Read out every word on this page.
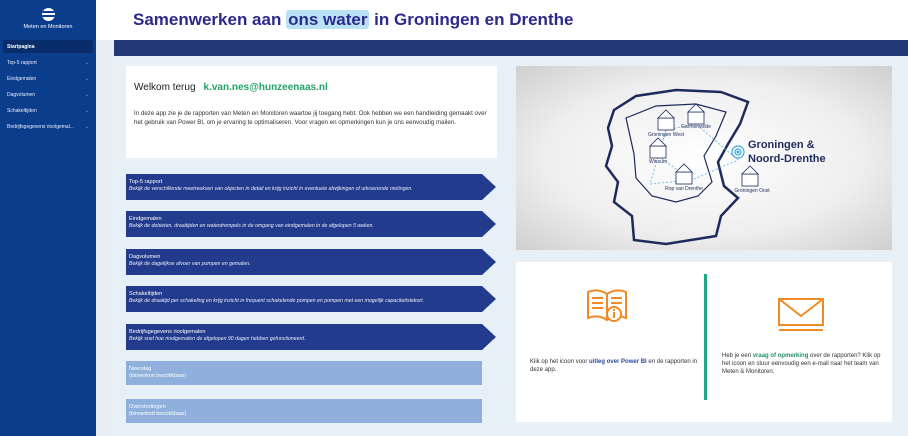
Meten en Monitoren
Startpagina
Top-5 rapport	⌄
Eindgemalen	⌄
Dagvolumen	⌄
Schakeltijden	⌄
Bedrijfsgegevens rioolgemal... ⌄
Samenwerken aan ons water in Groningen en Drenthe
Welkom terug k.van.nes@hunzeenaas.nl
In deze app zie je de rapporten van Meten en Monitoren waartoe jij toegang hebt. Ook hebben we een handleiding gemaakt over het gebruik van Power BI, om je ervaring te optimaliseren. Voor vragen en opmerkingen kun je ons eenvoudig mailen.
Top-5 rapport
Bekijk de verschillende meetreeksen van objecten in detail en krijg inzicht in eventuele afwijkingen of uitvoerende metingen.
Eindgemalen
Bekijk de debieten, draaitijden en waterdrempels in de omgang van eindgemalen in de afgelopen 5 weken.
Dagvolumen
Bekijk de dagelijkse afvoer van pompen en gemalen.
Schakeltijden
Bekijk de draaitijd per schakeling en krijg inzicht in frequent schakelende pompen en pompen met een mogelijk capaciteitstekort.
Bedrijfsgegevens rioolgemalen
Bekijk snel hoe rioolgemalen de afgelopen 90 dagen hebben gefunctioneerd.
Neerslag
(binnenkort beschikbaar)
Overstortingen
(binnenkort beschikbaar)
Groningen West
Garmerwolde
Winsum
Rop van Drenthe	Groningen Oost
Groningen &
Noord-Drenthe
Klik op het icoon voor uitleg over Power BI en de rapporten in deze app.
Heb je een vraag of opmerking over de rapporten? Klik op het icoon en stuur eenvoudig een e-mail naar het team van Meten & Monitoren.
